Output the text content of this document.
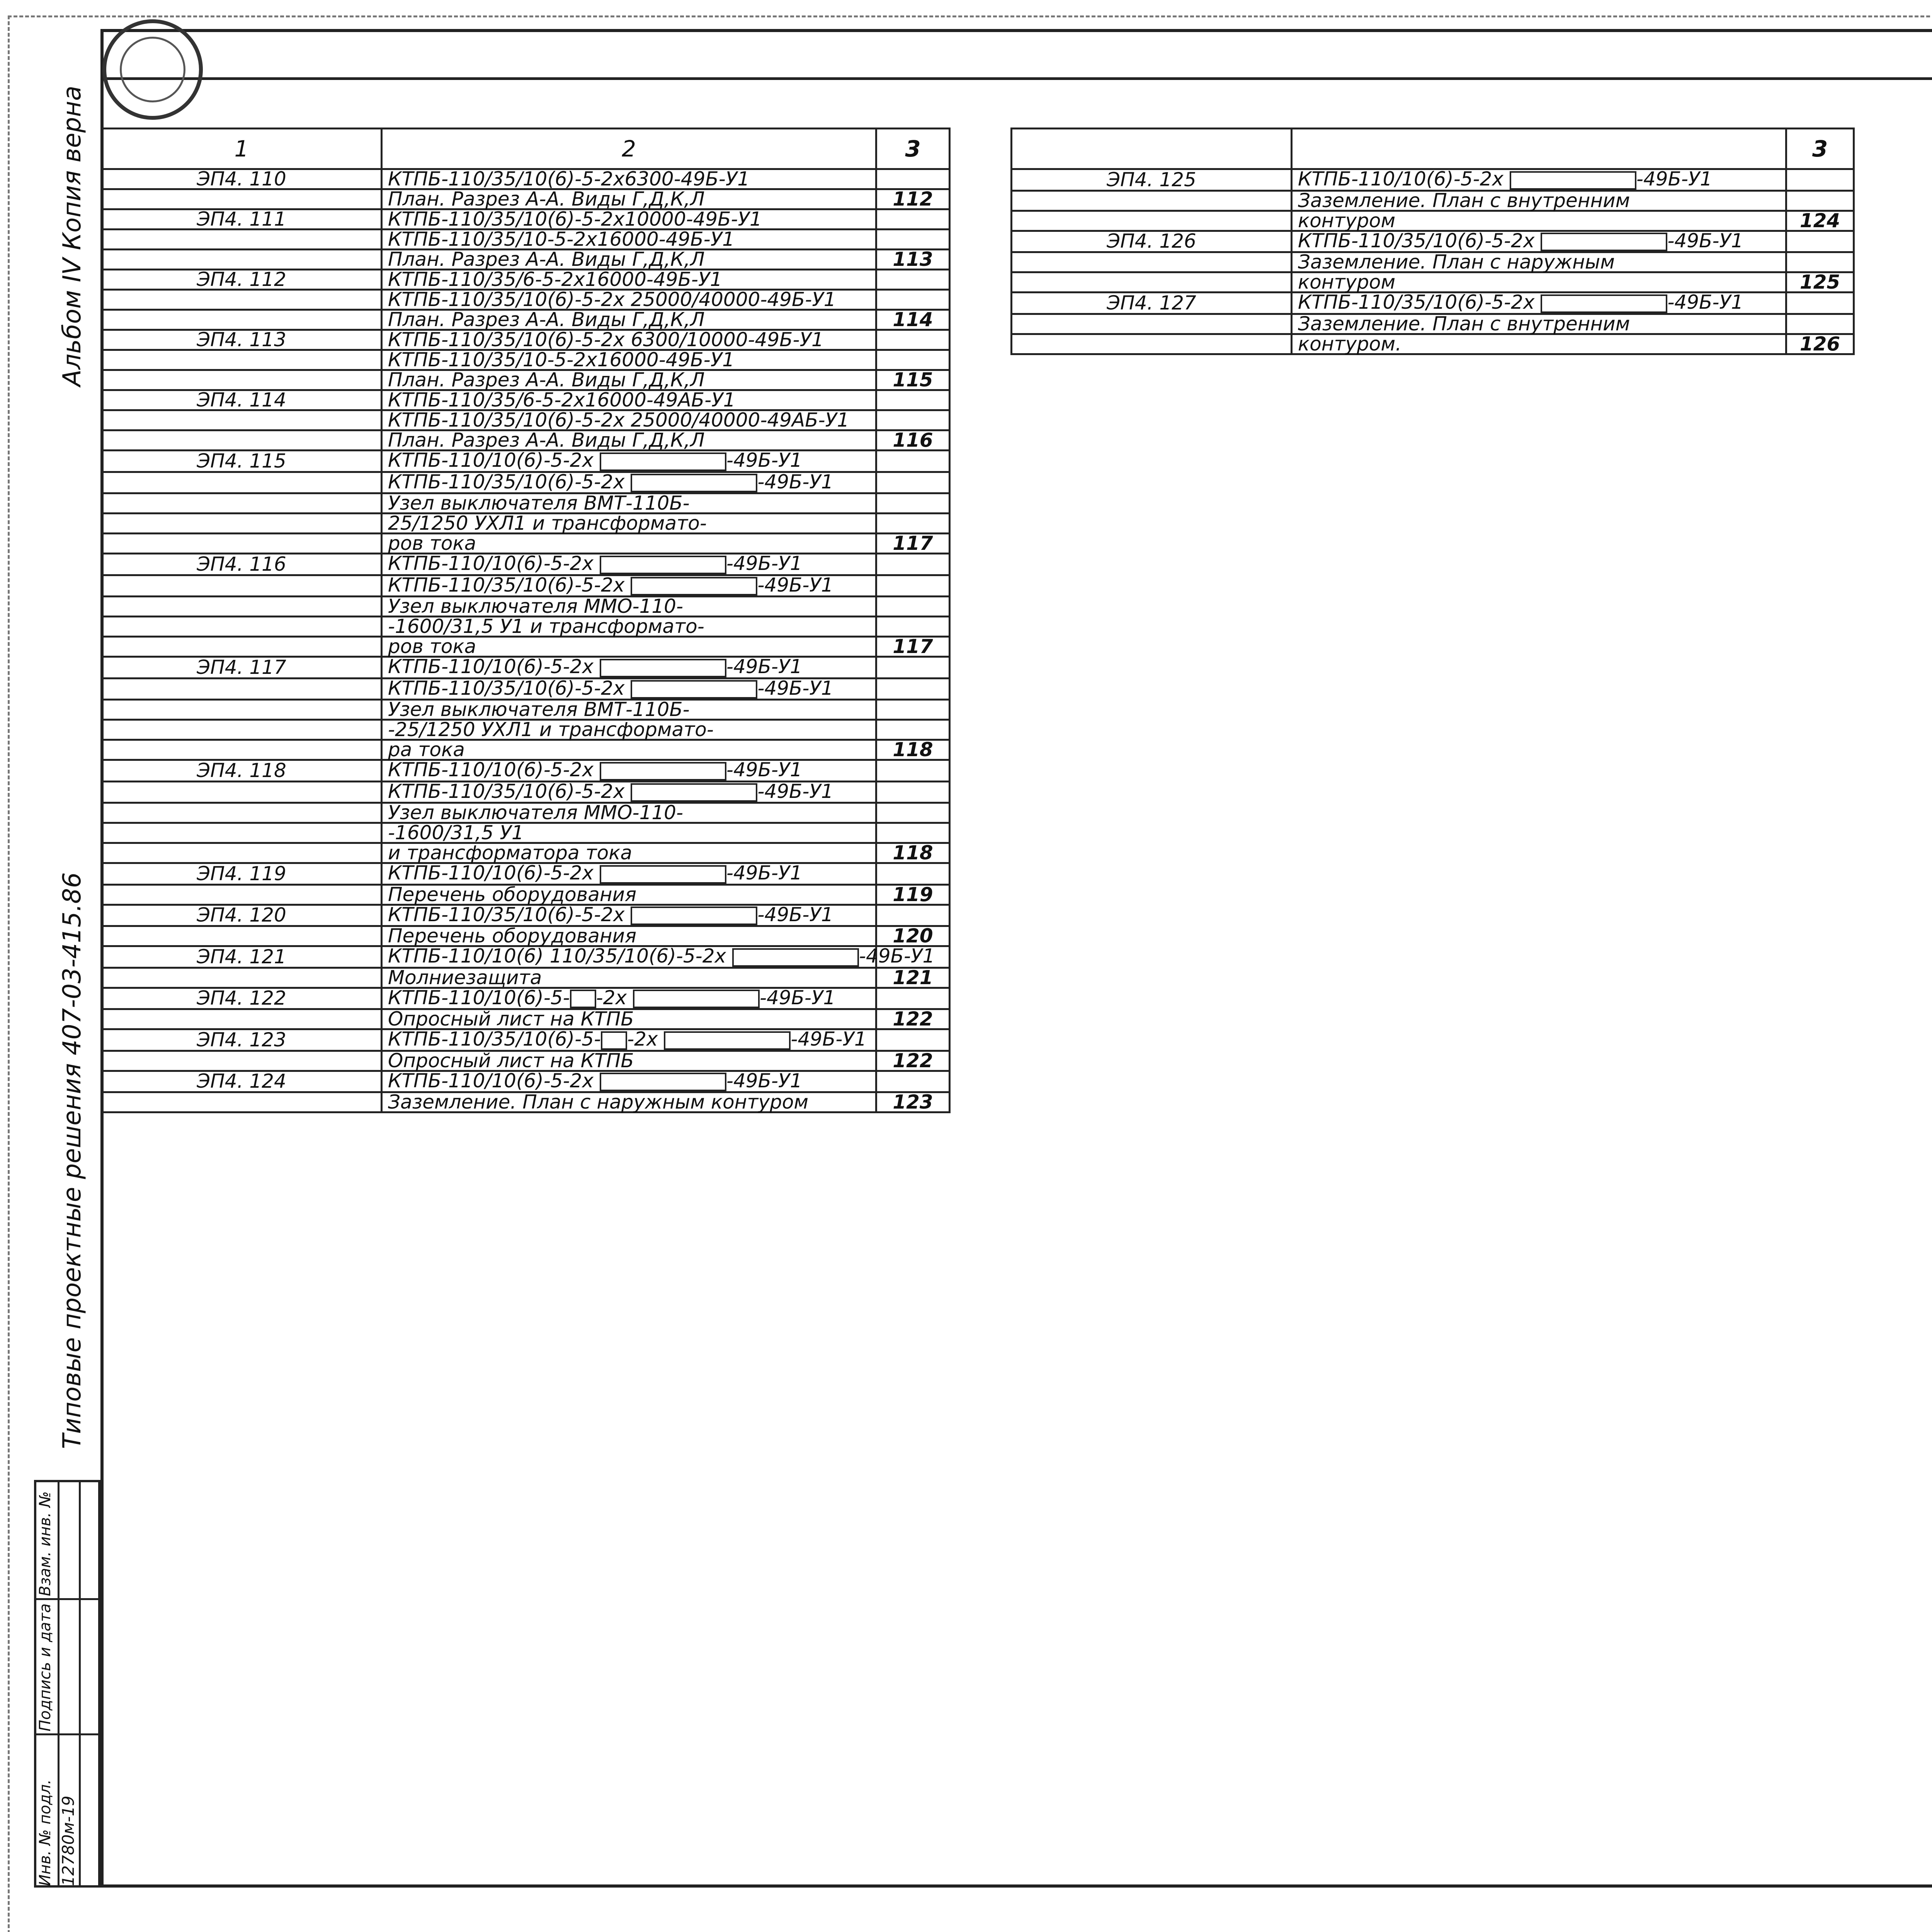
Альбом IV Копия верна
Типовые проектные решения 407-03-415.86
Инв. № подл.
Подпись и дата
Взам. инв. №
12780м-19
1	2	3
ЭП4. 110	КТПБ-110/35/10(6)-5-2х6300-49Б-У1	
	План. Разрез А-А. Виды Г,Д,К,Л	112
ЭП4. 111	КТПБ-110/35/10(6)-5-2х10000-49Б-У1	
	КТПБ-110/35/10-5-2х16000-49Б-У1	
	План. Разрез А-А. Виды Г,Д,К,Л	113
ЭП4. 112	КТПБ-110/35/6-5-2х16000-49Б-У1	
	КТПБ-110/35/10(6)-5-2х 25000/40000-49Б-У1	
	План. Разрез А-А. Виды Г,Д,К,Л	114
ЭП4. 113	КТПБ-110/35/10(6)-5-2х 6300/10000-49Б-У1	
	КТПБ-110/35/10-5-2х16000-49Б-У1	
	План. Разрез А-А. Виды Г,Д,К,Л	115
ЭП4. 114	КТПБ-110/35/6-5-2х16000-49АБ-У1	
	КТПБ-110/35/10(6)-5-2х 25000/40000-49АБ-У1	
	План. Разрез А-А. Виды Г,Д,К,Л	116
ЭП4. 115	КТПБ-110/10(6)-5-2х -49Б-У1	
	КТПБ-110/35/10(6)-5-2х -49Б-У1	
	Узел выключателя ВМТ-110Б-	
	25/1250 УХЛ1 и трансформато-	
	ров тока	117
ЭП4. 116	КТПБ-110/10(6)-5-2х -49Б-У1	
	КТПБ-110/35/10(6)-5-2х -49Б-У1	
	Узел выключателя ММО-110-	
	-1600/31,5 У1 и трансформато-	
	ров тока	117
ЭП4. 117	КТПБ-110/10(6)-5-2х -49Б-У1	
	КТПБ-110/35/10(6)-5-2х -49Б-У1	
	Узел выключателя ВМТ-110Б-	
	-25/1250 УХЛ1 и трансформато-	
	ра тока	118
ЭП4. 118	КТПБ-110/10(6)-5-2х -49Б-У1	
	КТПБ-110/35/10(6)-5-2х -49Б-У1	
	Узел выключателя ММО-110-	
	-1600/31,5 У1	
	и трансформатора тока	118
ЭП4. 119	КТПБ-110/10(6)-5-2х -49Б-У1	
	Перечень оборудования	119
ЭП4. 120	КТПБ-110/35/10(6)-5-2х -49Б-У1	
	Перечень оборудования	120
ЭП4. 121	КТПБ-110/10(6) 110/35/10(6)-5-2х -49Б-У1	
	Молниезащита	121
ЭП4. 122	КТПБ-110/10(6)-5- -2х -49Б-У1	
	Опросный лист на КТПБ	122
ЭП4. 123	КТПБ-110/35/10(6)-5- -2х -49Б-У1	
	Опросный лист на КТПБ	122
ЭП4. 124	КТПБ-110/10(6)-5-2х -49Б-У1	
	Заземление. План с наружным контуром	123
		3
ЭП4. 125	КТПБ-110/10(6)-5-2х -49Б-У1	
	Заземление. План с внутренним	
	контуром	124
ЭП4. 126	КТПБ-110/35/10(6)-5-2х -49Б-У1	
	Заземление. План с наружным	
	контуром	125
ЭП4. 127	КТПБ-110/35/10(6)-5-2х -49Б-У1	
	Заземление. План с внутренним	
	контуром.	126
